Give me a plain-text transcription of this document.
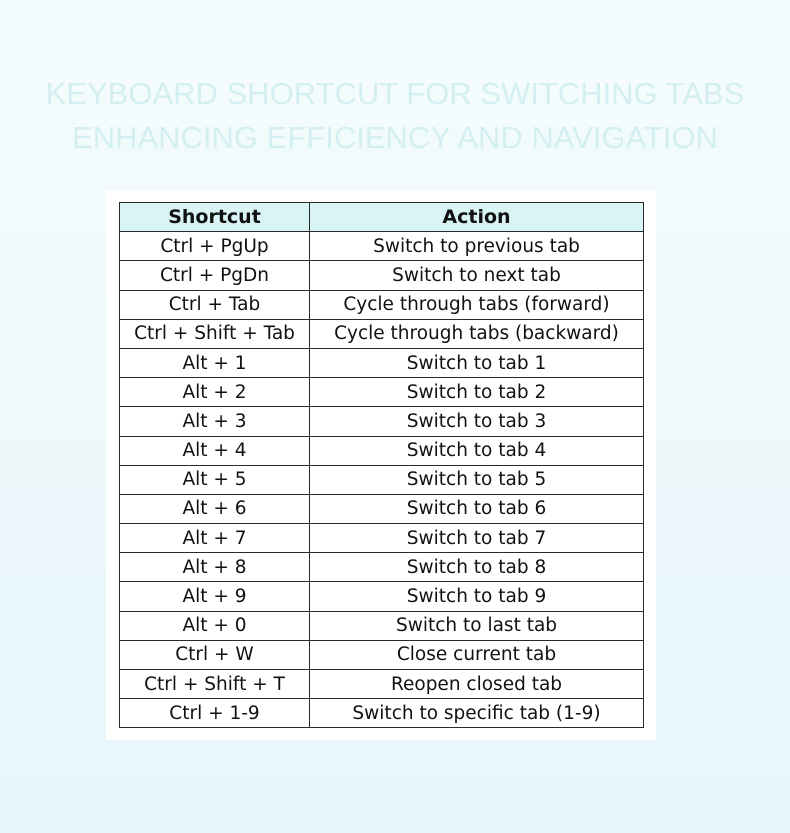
KEYBOARD SHORTCUT FOR SWITCHING TABS
ENHANCING EFFICIENCY AND NAVIGATION
Shortcut	Action
Ctrl + PgUp	Switch to previous tab
Ctrl + PgDn	Switch to next tab
Ctrl + Tab	Cycle through tabs (forward)
Ctrl + Shift + Tab	Cycle through tabs (backward)
Alt + 1	Switch to tab 1
Alt + 2	Switch to tab 2
Alt + 3	Switch to tab 3
Alt + 4	Switch to tab 4
Alt + 5	Switch to tab 5
Alt + 6	Switch to tab 6
Alt + 7	Switch to tab 7
Alt + 8	Switch to tab 8
Alt + 9	Switch to tab 9
Alt + 0	Switch to last tab
Ctrl + W	Close current tab
Ctrl + Shift + T	Reopen closed tab
Ctrl + 1-9	Switch to specific tab (1-9)
